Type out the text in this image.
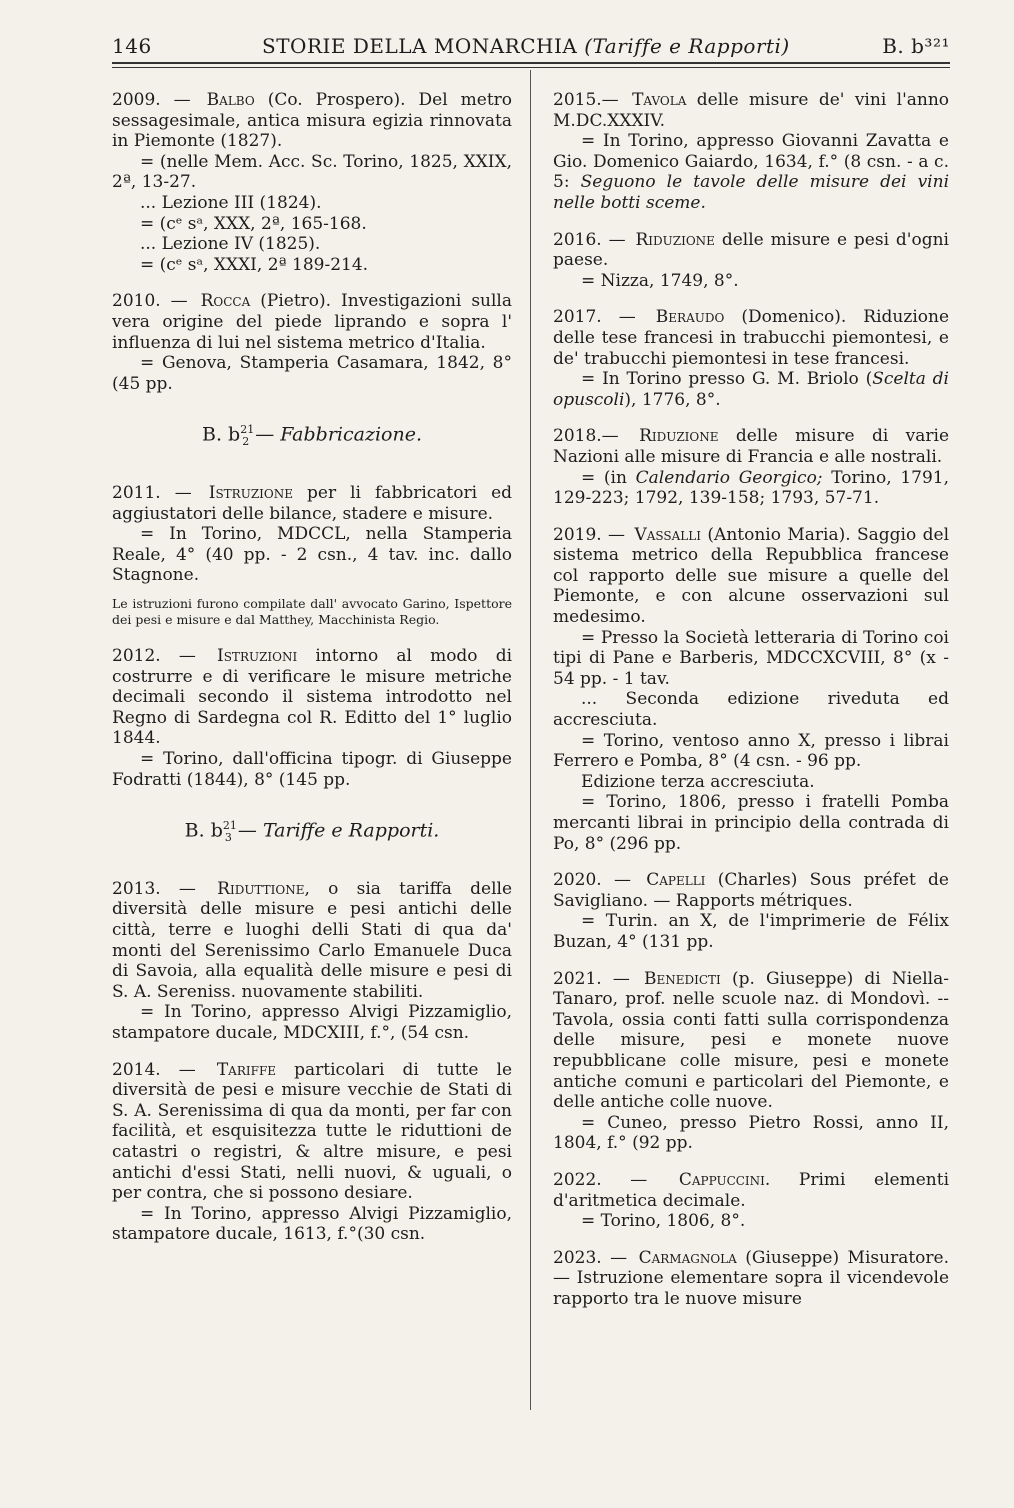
146	STORIE DELLA MONARCHIA (Tariffe e Rapporti)	B. b³²¹

2009. — Balbo (Co. Prospero). Del metro sessagesimale, antica misura egizia rinnovata in Piemonte (1827).

= (nelle Mem. Acc. Sc. Torino, 1825, XXIX, 2ª, 13-27.

... Lezione III (1824).

= (cᵉ sᵃ, XXX, 2ª, 165-168.

... Lezione IV (1825).

= (cᵉ sᵃ, XXXI, 2ª 189-214.

2010. — Rocca (Pietro). Investigazioni sulla vera origine del piede liprando e sopra l' influenza di lui nel sistema metrico d'Italia.

= Genova, Stamperia Casamara, 1842, 8° (45 pp.

B. $b^{21}_2$ — Fabbricazione.

2011. — Istruzione per li fabbricatori ed aggiustatori delle bilance, stadere e misure.

= In Torino, MDCCL, nella Stamperia Reale, 4° (40 pp. - 2 csn., 4 tav. inc. dallo Stagnone.

Le istruzioni furono compilate dall' avvocato Garino, Ispettore dei pesi e misure e dal Matthey, Macchinista Regio.

2012. — Istruzioni intorno al modo di costrurre e di verificare le misure metriche decimali secondo il sistema introdotto nel Regno di Sardegna col R. Editto del 1° luglio 1844.

= Torino, dall'officina tipogr. di Giuseppe Fodratti (1844), 8° (145 pp.

B. $b^{21}_3$ — Tariffe e Rapporti.

2013. — Riduttione, o sia tariffa delle diversità delle misure e pesi antichi delle città, terre e luoghi delli Stati di qua da' monti del Serenissimo Carlo Emanuele Duca di Savoia, alla equalità delle misure e pesi di S. A. Sereniss. nuovamente stabiliti.

= In Torino, appresso Alvigi Pizzamiglio, stampatore ducale, MDCXIII, f.°, (54 csn.

2014. — Tariffe particolari di tutte le diversità de pesi e misure vecchie de Stati di S. A. Serenissima di qua da monti, per far con facilità, et esquisitezza tutte le riduttioni de catastri o registri, & altre misure, e pesi antichi d'essi Stati, nelli nuovi, & uguali, o per contra, che si possono desiare.

= In Torino, appresso Alvigi Pizzamiglio, stampatore ducale, 1613, f.°(30 csn.

2015.— Tavola delle misure de' vini l'anno M.DC.XXXIV.

= In Torino, appresso Giovanni Zavatta e Gio. Domenico Gaiardo, 1634, f.° (8 csn. - a c. 5: Seguono le tavole delle misure dei vini nelle botti sceme.

2016. — Riduzione delle misure e pesi d'ogni paese.

= Nizza, 1749, 8°.

2017. — Beraudo (Domenico). Riduzione delle tese francesi in trabucchi piemontesi, e de' trabucchi piemontesi in tese francesi.

= In Torino presso G. M. Briolo (Scelta di opuscoli), 1776, 8°.

2018.— Riduzione delle misure di varie Nazioni alle misure di Francia e alle nostrali.

= (in Calendario Georgico; Torino, 1791, 129-223; 1792, 139-158; 1793, 57-71.

2019. — Vassalli (Antonio Maria). Saggio del sistema metrico della Repubblica francese col rapporto delle sue misure a quelle del Piemonte, e con alcune osservazioni sul medesimo.

= Presso la Società letteraria di Torino coi tipi di Pane e Barberis, MDCCXCVIII, 8° (x - 54 pp. - 1 tav.

... Seconda edizione riveduta ed accresciuta.

= Torino, ventoso anno X, presso i librai Ferrero e Pomba, 8° (4 csn. - 96 pp.

Edizione terza accresciuta.

= Torino, 1806, presso i fratelli Pomba mercanti librai in principio della contrada di Po, 8° (296 pp.

2020. — Capelli (Charles) Sous préfet de Savigliano. — Rapports métriques.

= Turin. an X, de l'imprimerie de Félix Buzan, 4° (131 pp.

2021. — Benedicti (p. Giuseppe) di Niella-Tanaro, prof. nelle scuole naz. di Mondovì. -- Tavola, ossia conti fatti sulla corrispondenza delle misure, pesi e monete nuove repubblicane colle misure, pesi e monete antiche comuni e particolari del Piemonte, e delle antiche colle nuove.

= Cuneo, presso Pietro Rossi, anno II, 1804, f.° (92 pp.

2022. — Cappuccini. Primi elementi d'aritmetica decimale.

= Torino, 1806, 8°.

2023. — Carmagnola (Giuseppe) Misuratore. — Istruzione elementare sopra il vicendevole rapporto tra le nuove misure
